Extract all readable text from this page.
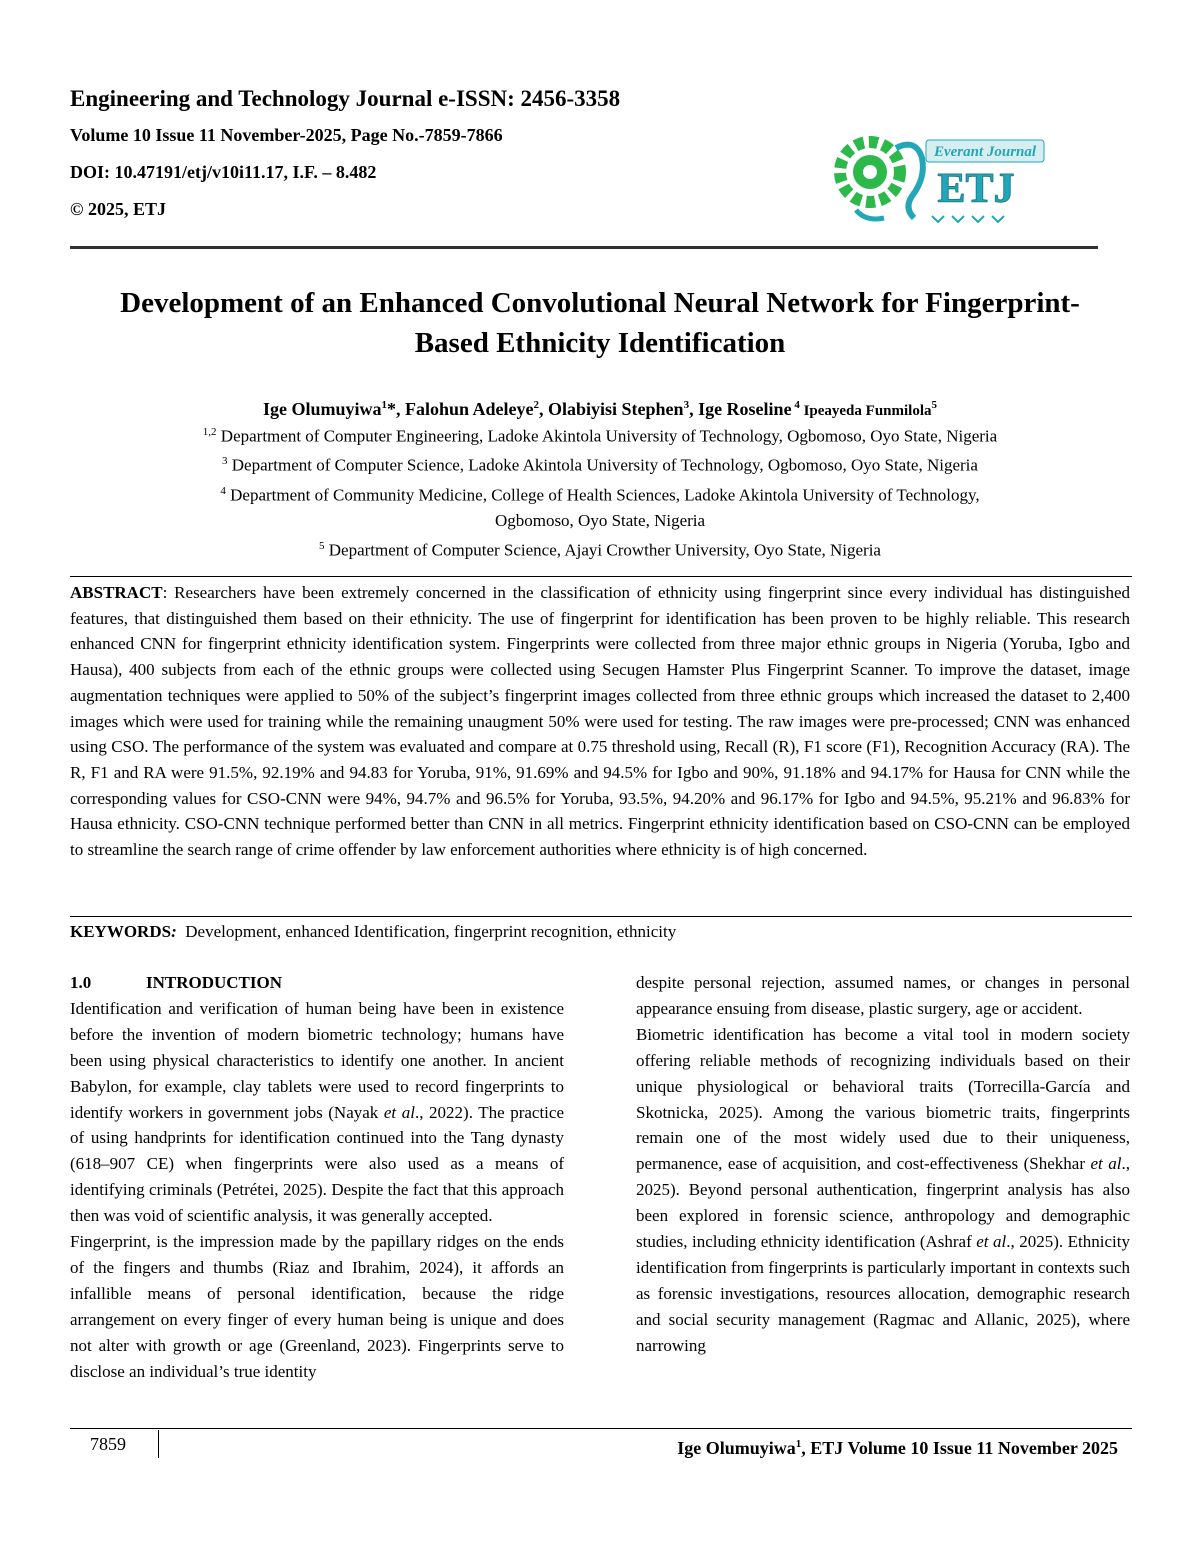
Engineering and Technology Journal e-ISSN: 2456-3358
Volume 10 Issue 11 November-2025, Page No.-7859-7866
DOI: 10.47191/etj/v10i11.17, I.F. – 8.482
© 2025, ETJ
Everant Journal
ETJ
Development of an Enhanced Convolutional Neural Network for Fingerprint-
Based Ethnicity Identification
Ige Olumuyiwa$^1$*, Falohun Adeleye$^2$, Olabiyisi Stephen$^3$, Ige Roseline $^4$ Ipeayeda Funmilola$^5$
$^{1,2}$ Department of Computer Engineering, Ladoke Akintola University of Technology, Ogbomoso, Oyo State, Nigeria
$^3$ Department of Computer Science, Ladoke Akintola University of Technology, Ogbomoso, Oyo State, Nigeria
$^4$ Department of Community Medicine, College of Health Sciences, Ladoke Akintola University of Technology,
Ogbomoso, Oyo State, Nigeria
$^5$ Department of Computer Science, Ajayi Crowther University, Oyo State, Nigeria
ABSTRACT: Researchers have been extremely concerned in the classification of ethnicity using fingerprint since every individual has distinguished features, that distinguished them based on their ethnicity. The use of fingerprint for identification has been proven to be highly reliable. This research enhanced CNN for fingerprint ethnicity identification system. Fingerprints were collected from three major ethnic groups in Nigeria (Yoruba, Igbo and Hausa), 400 subjects from each of the ethnic groups were collected using Secugen Hamster Plus Fingerprint Scanner. To improve the dataset, image augmentation techniques were applied to 50% of the subject’s fingerprint images collected from three ethnic groups which increased the dataset to 2,400 images which were used for training while the remaining unaugment 50% were used for testing. The raw images were pre-processed; CNN was enhanced using CSO. The performance of the system was evaluated and compare at 0.75 threshold using, Recall (R), F1 score (F1), Recognition Accuracy (RA). The R, F1 and RA were 91.5%, 92.19% and 94.83 for Yoruba, 91%, 91.69% and 94.5% for Igbo and 90%, 91.18% and 94.17% for Hausa for CNN while the corresponding values for CSO-CNN were 94%, 94.7% and 96.5% for Yoruba, 93.5%, 94.20% and 96.17% for Igbo and 94.5%, 95.21% and 96.83% for Hausa ethnicity. CSO-CNN technique performed better than CNN in all metrics. Fingerprint ethnicity identification based on CSO-CNN can be employed to streamline the search range of crime offender by law enforcement authorities where ethnicity is of high concerned.
KEYWORDS:  Development, enhanced Identification, fingerprint recognition, ethnicity
1.0	INTRODUCTION

Identification and verification of human being have been in existence before the invention of modern biometric technology; humans have been using physical characteristics to identify one another. In ancient Babylon, for example, clay tablets were used to record fingerprints to identify workers in government jobs (Nayak et al., 2022). The practice of using handprints for identification continued into the Tang dynasty (618–907 CE) when fingerprints were also used as a means of identifying criminals (Petrétei, 2025). Despite the fact that this approach then was void of scientific analysis, it was generally accepted.

Fingerprint, is the impression made by the papillary ridges on the ends of the fingers and thumbs (Riaz and Ibrahim, 2024), it affords an infallible means of personal identification, because the ridge arrangement on every finger of every human being is unique and does not alter with growth or age (Greenland, 2023). Fingerprints serve to disclose an individual’s true identity

despite personal rejection, assumed names, or changes in personal appearance ensuing from disease, plastic surgery, age or accident.

Biometric identification has become a vital tool in modern society offering reliable methods of recognizing individuals based on their unique physiological or behavioral traits (Torrecilla-García and Skotnicka, 2025). Among the various biometric traits, fingerprints remain one of the most widely used due to their uniqueness, permanence, ease of acquisition, and cost-effectiveness (Shekhar et al., 2025). Beyond personal authentication, fingerprint analysis has also been explored in forensic science, anthropology and demographic studies, including ethnicity identification (Ashraf et al., 2025). Ethnicity identification from fingerprints is particularly important in contexts such as forensic investigations, resources allocation, demographic research and social security management (Ragmac and Allanic, 2025), where narrowing

7859	Ige Olumuyiwa$^1$, ETJ Volume 10 Issue 11 November 2025
